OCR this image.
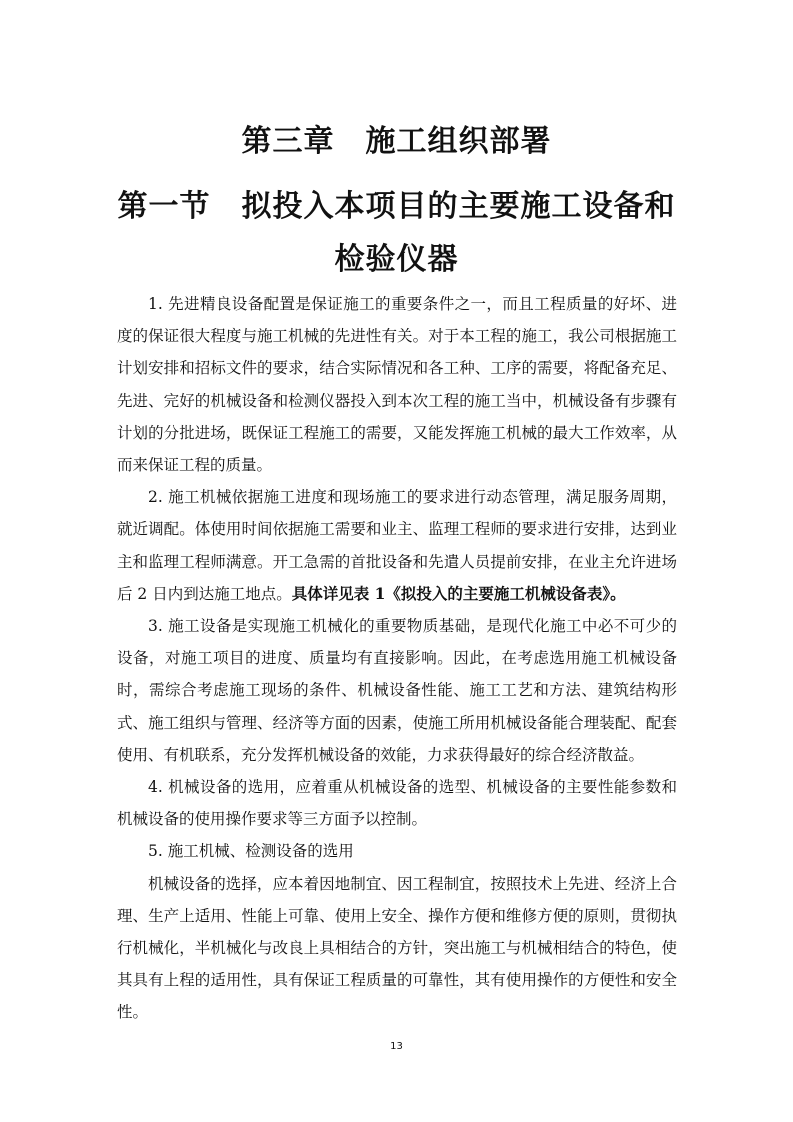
第三章　施工组织部署
第一节　拟投入本项目的主要施工设备和检验仪器

1. 先进精良设备配置是保证施工的重要条件之一，而且工程质量的好坏、进度的保证很大程度与施工机械的先进性有关。对于本工程的施工，我公司根据施工计划安排和招标文件的要求，结合实际情况和各工种、工序的需要，将配备充足、先进、完好的机械设备和检测仪器投入到本次工程的施工当中，机械设备有步骤有计划的分批进场，既保证工程施工的需要，又能发挥施工机械的最大工作效率，从而来保证工程的质量。

2. 施工机械依据施工进度和现场施工的要求进行动态管理，满足服务周期，就近调配。体使用时间依据施工需要和业主、监理工程师的要求进行安排，达到业主和监理工程师满意。开工急需的首批设备和先遣人员提前安排，在业主允许进场后 2 日内到达施工地点。具体详见表 1《拟投入的主要施工机械设备表》。

3. 施工设备是实现施工机械化的重要物质基础，是现代化施工中必不可少的设备，对施工项目的进度、质量均有直接影响。因此，在考虑选用施工机械设备时，需综合考虑施工现场的条件、机械设备性能、施工工艺和方法、建筑结构形式、施工组织与管理、经济等方面的因素，使施工所用机械设备能合理装配、配套使用、有机联系，充分发挥机械设备的效能，力求获得最好的综合经济散益。

4. 机械设备的选用，应着重从机械设备的选型、机械设备的主要性能参数和机械设备的使用操作要求等三方面予以控制。

5. 施工机械、检测设备的选用

机械设备的选择，应本着因地制宜、因工程制宜，按照技术上先进、经济上合理、生产上适用、性能上可靠、使用上安全、操作方便和维修方便的原则，贯彻执行机械化，半机械化与改良上具相结合的方针，突出施工与机械相结合的特色，使其具有上程的适用性，具有保证工程质量的可靠性，其有使用操作的方便性和安全性。

13
